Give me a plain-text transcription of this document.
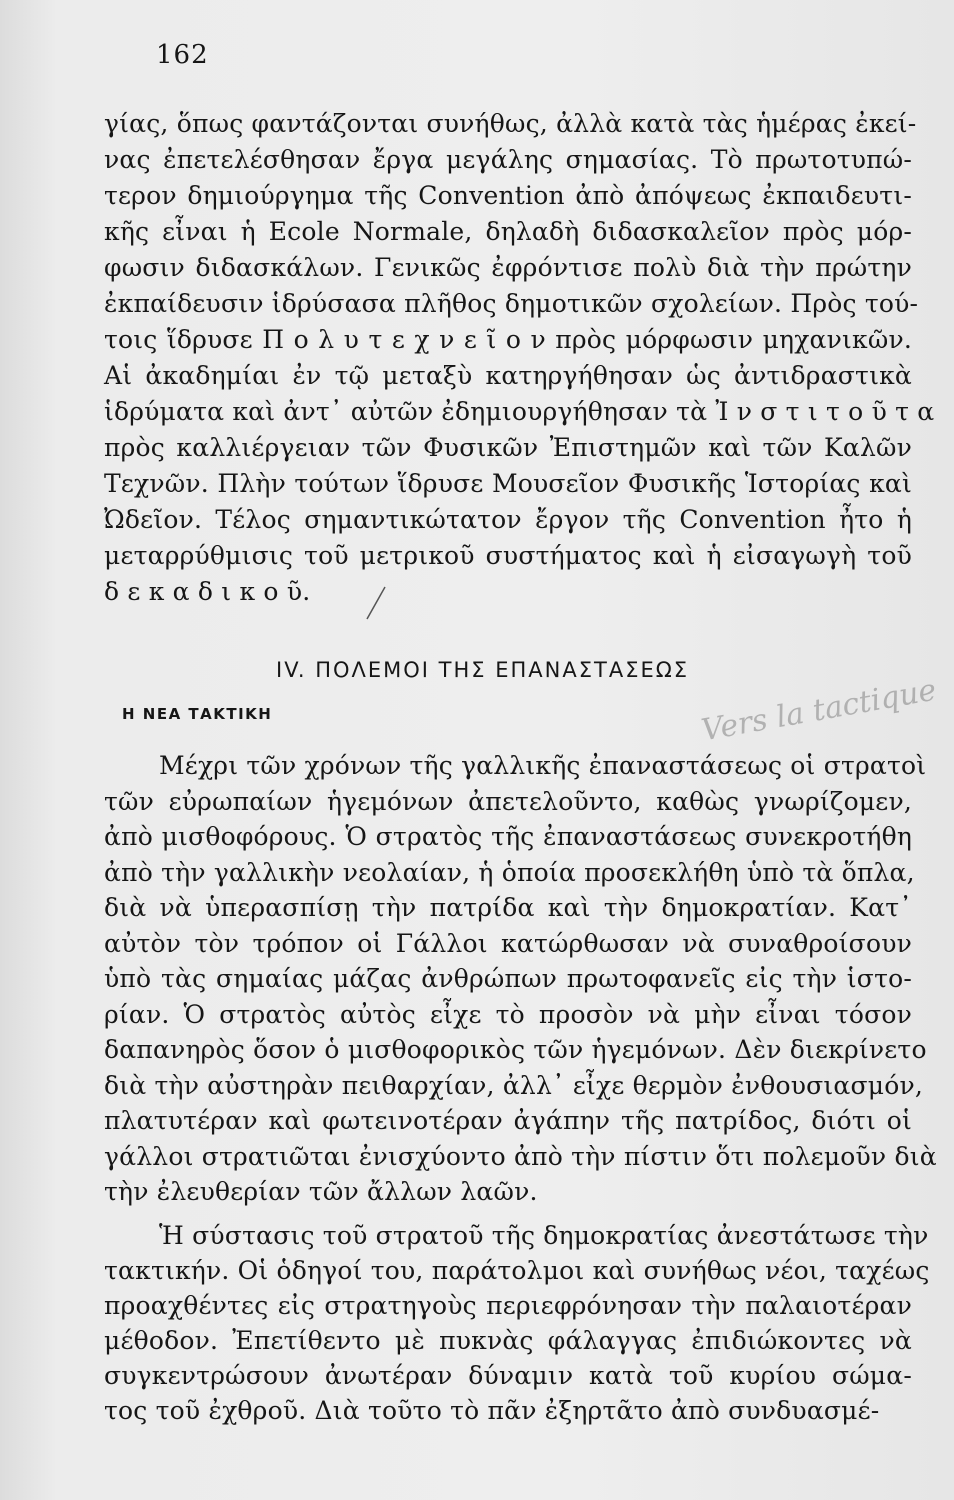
162
γίας, ὅπως φαντάζονται συνήθως, ἀλλὰ κατὰ τὰς ἡμέρας ἐκεί-
νας ἐπετελέσθησαν ἔργα μεγάλης σημασίας. Τὸ πρωτοτυπώ-
τερον δημιούργημα τῆς Convention ἀπὸ ἀπόψεως ἐκπαιδευτι-
κῆς εἶναι ἡ Ecole Normale, δηλαδὴ διδασκαλεῖον πρὸς μόρ-
φωσιν διδασκάλων. Γενικῶς ἐφρόντισε πολὺ διὰ τὴν πρώτην
ἐκπαίδευσιν ἱδρύσασα πλῆθος δημοτικῶν σχολείων. Πρὸς τού-
τοις ἵδρυσε Π ο λ υ τ ε χ ν ε ῖ ο ν πρὸς μόρφωσιν μηχανικῶν.
Αἱ ἀκαδημίαι ἐν τῷ μεταξὺ κατηργήθησαν ὡς ἀντιδραστικὰ
ἱδρύματα καὶ ἀντ᾽ αὐτῶν ἐδημιουργήθησαν τὰ Ἰ ν σ τ ι τ ο ῦ τ α
πρὸς καλλιέργειαν τῶν Φυσικῶν Ἐπιστημῶν καὶ τῶν Καλῶν
Τεχνῶν. Πλὴν τούτων ἵδρυσε Μουσεῖον Φυσικῆς Ἱστορίας καὶ
Ὠδεῖον. Τέλος σημαντικώτατον ἔργον τῆς Convention ἦτο ἡ
μεταρρύθμισις τοῦ μετρικοῦ συστήματος καὶ ἡ εἰσαγωγὴ τοῦ
δ ε κ α δ ι κ ο ῦ.
IV. ΠΟΛΕΜΟΙ ΤΗΣ ΕΠΑΝΑΣΤΑΣΕΩΣ
Η ΝΕΑ ΤΑΚΤΙΚΗ	Vers la tactique
Μέχρι τῶν χρόνων τῆς γαλλικῆς ἐπαναστάσεως οἱ στρατοὶ
τῶν εὐρωπαίων ἡγεμόνων ἀπετελοῦντο, καθὼς γνωρίζομεν,
ἀπὸ μισθοφόρους. Ὁ στρατὸς τῆς ἐπαναστάσεως συνεκροτήθη
ἀπὸ τὴν γαλλικὴν νεολαίαν, ἡ ὁποία προσεκλήθη ὑπὸ τὰ ὅπλα,
διὰ νὰ ὑπερασπίσῃ τὴν πατρίδα καὶ τὴν δημοκρατίαν. Κατ᾽
αὐτὸν τὸν τρόπον οἱ Γάλλοι κατώρθωσαν νὰ συναθροίσουν
ὑπὸ τὰς σημαίας μάζας ἀνθρώπων πρωτοφανεῖς εἰς τὴν ἱστο-
ρίαν. Ὁ στρατὸς αὐτὸς εἶχε τὸ προσὸν νὰ μὴν εἶναι τόσον
δαπανηρὸς ὅσον ὁ μισθοφορικὸς τῶν ἡγεμόνων. Δὲν διεκρίνετο
διὰ τὴν αὐστηρὰν πειθαρχίαν, ἀλλ᾽ εἶχε θερμὸν ἐνθουσιασμόν,
πλατυτέραν καὶ φωτεινοτέραν ἀγάπην τῆς πατρίδος, διότι οἱ
γάλλοι στρατιῶται ἐνισχύοντο ἀπὸ τὴν πίστιν ὅτι πολεμοῦν διὰ
τὴν ἐλευθερίαν τῶν ἄλλων λαῶν.
Ἡ σύστασις τοῦ στρατοῦ τῆς δημοκρατίας ἀνεστάτωσε τὴν
τακτικήν. Οἱ ὁδηγοί του, παράτολμοι καὶ συνήθως νέοι, ταχέως
προαχθέντες εἰς στρατηγοὺς περιεφρόνησαν τὴν παλαιοτέραν
μέθοδον. Ἐπετίθεντο μὲ πυκνὰς φάλαγγας ἐπιδιώκοντες νὰ
συγκεντρώσουν ἀνωτέραν δύναμιν κατὰ τοῦ κυρίου σώμα-
τος τοῦ ἐχθροῦ. Διὰ τοῦτο τὸ πᾶν ἐξηρτᾶτο ἀπὸ συνδυασμέ-
